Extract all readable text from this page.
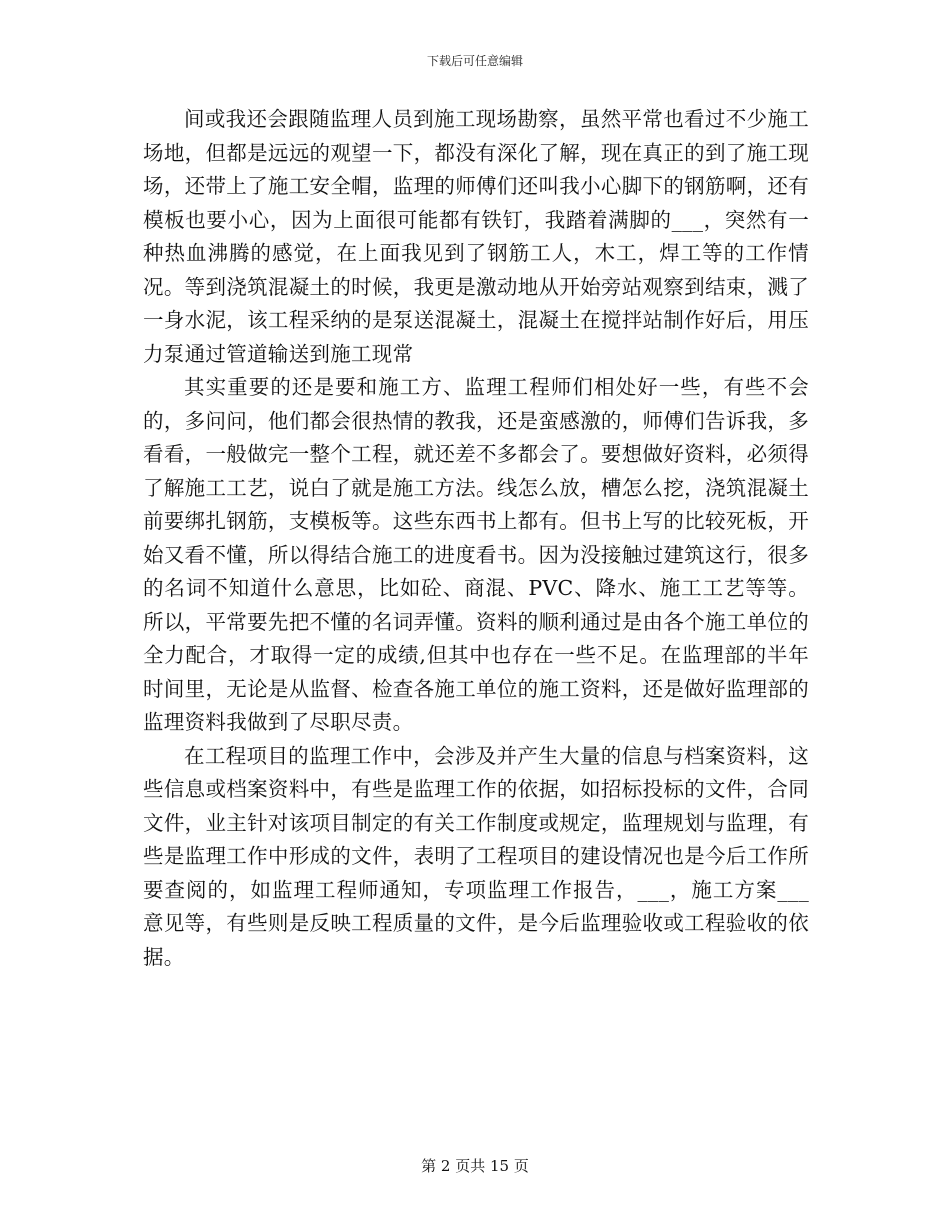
下载后可任意编辑

间或我还会跟随监理人员到施工现场勘察，虽然平常也看过不少施工场地，但都是远远的观望一下，都没有深化了解，现在真正的到了施工现场，还带上了施工安全帽，监理的师傅们还叫我小心脚下的钢筋啊，还有模板也要小心，因为上面很可能都有铁钉，我踏着满脚的___，突然有一种热血沸腾的感觉，在上面我见到了钢筋工人，木工，焊工等的工作情况。等到浇筑混凝土的时候，我更是激动地从开始旁站观察到结束，溅了一身水泥，该工程采纳的是泵送混凝土，混凝土在搅拌站制作好后，用压力泵通过管道输送到施工现常

其实重要的还是要和施工方、监理工程师们相处好一些，有些不会的，多问问，他们都会很热情的教我，还是蛮感激的，师傅们告诉我，多看看，一般做完一整个工程，就还差不多都会了。要想做好资料，必须得了解施工工艺，说白了就是施工方法。线怎么放，槽怎么挖，浇筑混凝土前要绑扎钢筋，支模板等。这些东西书上都有。但书上写的比较死板，开始又看不懂，所以得结合施工的进度看书。因为没接触过建筑这行，很多的名词不知道什么意思，比如砼、商混、PVC、降水、施工工艺等等。所以，平常要先把不懂的名词弄懂。资料的顺利通过是由各个施工单位的全力配合，才取得一定的成绩,但其中也存在一些不足。在监理部的半年时间里，无论是从监督、检查各施工单位的施工资料，还是做好监理部的监理资料我做到了尽职尽责。

在工程项目的监理工作中，会涉及并产生大量的信息与档案资料，这些信息或档案资料中，有些是监理工作的依据，如招标投标的文件，合同文件，业主针对该项目制定的有关工作制度或规定，监理规划与监理，有些是监理工作中形成的文件，表明了工程项目的建设情况也是今后工作所要查阅的，如监理工程师通知，专项监理工作报告，___，施工方案___意见等，有些则是反映工程质量的文件，是今后监理验收或工程验收的依据。

第 2 页共 15 页
